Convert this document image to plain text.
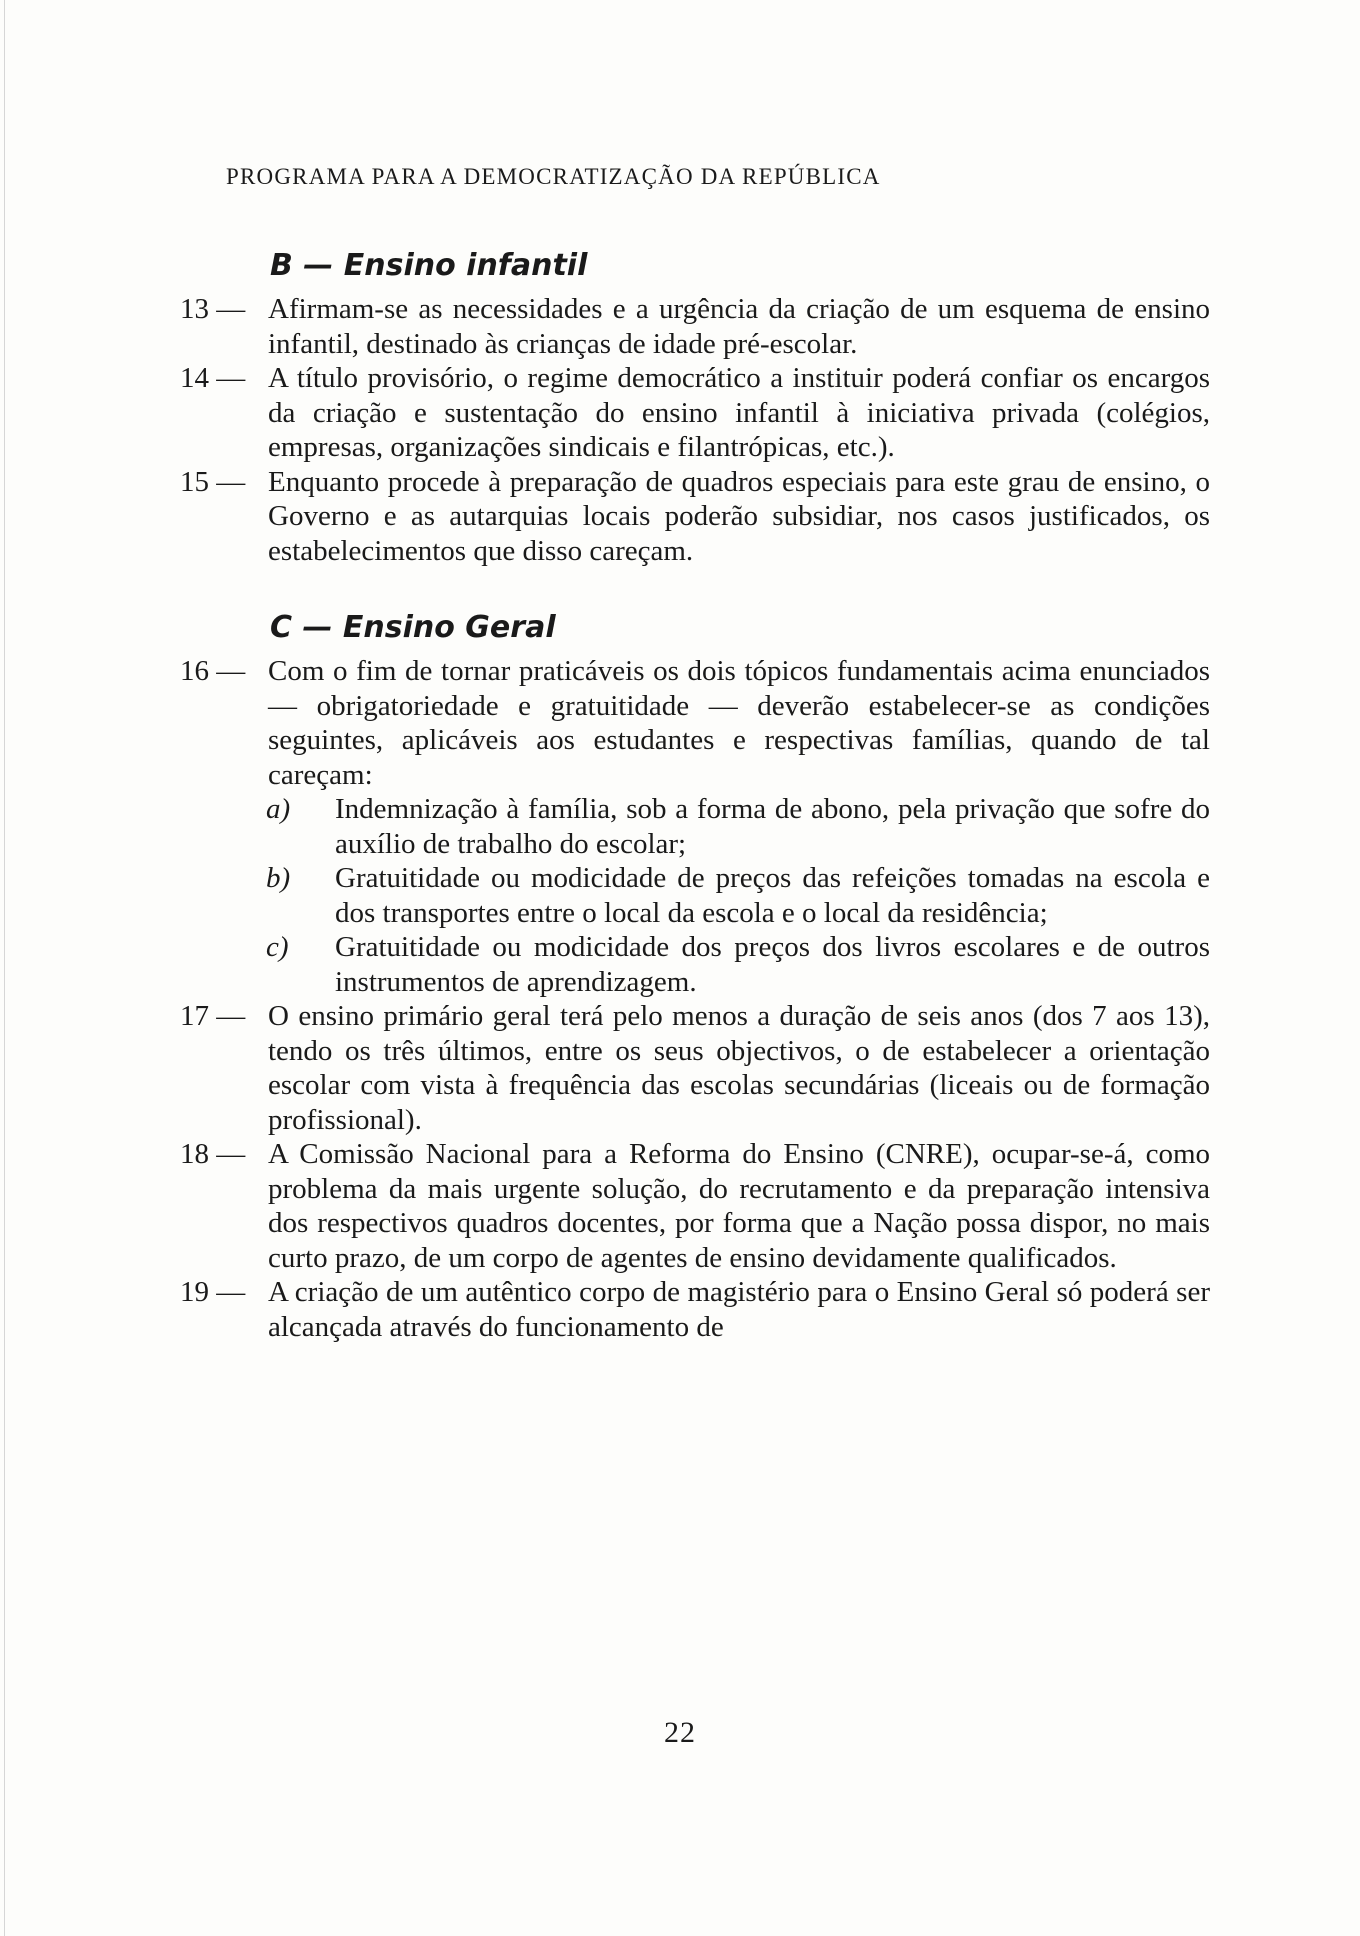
PROGRAMA PARA A DEMOCRATIZAÇÃO DA REPÚBLICA
B — Ensino infantil

13 — Afirmam-se as necessidades e a urgência da criação de um esquema de ensino infantil, destinado às crianças de idade pré-escolar.

14 — A título provisório, o regime democrático a instituir poderá confiar os encargos da criação e sustentação do ensino infantil à iniciativa privada (colégios, empresas, organizações sindicais e filantrópicas, etc.).

15 — Enquanto procede à preparação de quadros especiais para este grau de ensino, o Governo e as autarquias locais poderão subsidiar, nos casos justificados, os estabelecimentos que disso careçam.

C — Ensino Geral

16 — Com o fim de tornar praticáveis os dois tópicos fundamentais acima enunciados — obrigatoriedade e gratuitidade — deverão estabelecer-se as condições seguintes, aplicáveis aos estudantes e respectivas famílias, quando de tal careçam:

a) Indemnização à família, sob a forma de abono, pela privação que sofre do auxílio de trabalho do escolar;

b) Gratuitidade ou modicidade de preços das refeições tomadas na escola e dos transportes entre o local da escola e o local da residência;

c) Gratuitidade ou modicidade dos preços dos livros escolares e de outros instrumentos de aprendizagem.

17 — O ensino primário geral terá pelo menos a duração de seis anos (dos 7 aos 13), tendo os três últimos, entre os seus objectivos, o de estabelecer a orientação escolar com vista à frequência das escolas secundárias (liceais ou de formação profissional).

18 — A Comissão Nacional para a Reforma do Ensino (CNRE), ocupar-se-á, como problema da mais urgente solução, do recrutamento e da preparação intensiva dos respectivos quadros docentes, por forma que a Nação possa dispor, no mais curto prazo, de um corpo de agentes de ensino devidamente qualificados.

19 — A criação de um autêntico corpo de magistério para o Ensino Geral só poderá ser alcançada através do funcionamento de

22
